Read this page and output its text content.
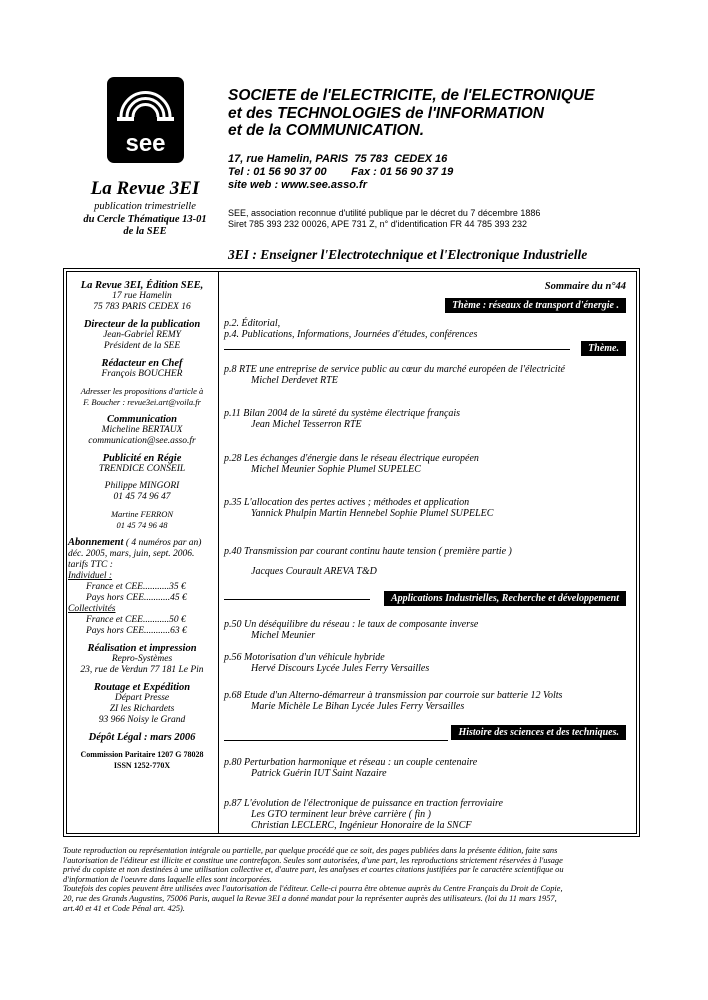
see
La Revue 3EI
publication trimestrielle
du Cercle Thématique 13-01
de la SEE
SOCIETE de l'ELECTRICITE, de l'ELECTRONIQUE
et des TECHNOLOGIES de l'INFORMATION
et de la COMMUNICATION.
17, rue Hamelin, PARIS  75 783  CEDEX 16
Tel : 01 56 90 37 00        Fax : 01 56 90 37 19
site web : www.see.asso.fr
SEE, association reconnue d'utilité publique par le décret du 7 décembre 1886
Siret 785 393 232 00026, APE 731 Z, n° d'identification FR 44 785 393 232
3EI : Enseigner l'Electrotechnique et l'Electronique Industrielle
La Revue 3EI, Édition SEE,
17 rue Hamelin
75 783 PARIS CEDEX 16
Directeur de la publication
Jean-Gabriel REMY
Président de la SEE
Rédacteur en Chef
François BOUCHER
Adresser les propositions d'article à
F. Boucher : revue3ei.art@voila.fr
Communication
Micheline BERTAUX
communication@see.asso.fr
Publicité en Régie
TRENDICE CONSEIL
Philippe MINGORI
01 45 74 96 47
Martine FERRON
01 45 74 96 48
Abonnement ( 4 numéros par an)
déc. 2005, mars, juin, sept. 2006.
tarifs TTC :
Individuel :
France et CEE...........35 €
Pays hors CEE...........45 €
Collectivités
France et CEE...........50 €
Pays hors CEE...........63 €
Réalisation et impression
Repro-Systèmes
23, rue de Verdun 77 181 Le Pin
Routage et Expédition
Départ Presse
ZI les Richardets
93 966 Noisy le Grand
Dépôt Légal : mars 2006
Commission Paritaire 1207 G 78028
ISSN 1252-770X
Sommaire du n°44
Thème : réseaux de transport d'énergie .
p.2. Éditorial,
p.4. Publications, Informations, Journées d'études, conférences
Thème.
p.8 RTE une entreprise de service public au cœur du marché européen de l'électricité
Michel Derdevet RTE
p.11 Bilan 2004 de la sûreté du système électrique français
Jean Michel Tesserron RTE
p.28 Les échanges d'énergie dans le réseau électrique européen
Michel Meunier Sophie Plumel SUPELEC
p.35 L'allocation des pertes actives ; méthodes et application
Yannick Phulpin Martin Hennebel Sophie Plumel SUPELEC
p.40 Transmission par courant continu haute tension ( première partie )
Jacques Courault AREVA T&D
Applications Industrielles, Recherche et développement
p.50 Un déséquilibre du réseau : le taux de composante inverse
Michel Meunier
p.56 Motorisation d'un véhicule hybride
Hervé Discours Lycée Jules Ferry Versailles
p.68 Etude d'un Alterno-démarreur à transmission par courroie sur batterie 12 Volts
Marie Michèle Le Bihan Lycée Jules Ferry Versailles
Histoire des sciences et des techniques.
p.80 Perturbation harmonique et réseau : un couple centenaire
Patrick Guérin IUT Saint Nazaire
p.87 L'évolution de l'électronique de puissance en traction ferroviaire
Les GTO terminent leur brève carrière ( fin )
Christian LECLERC, Ingénieur Honoraire de la SNCF
Toute reproduction ou représentation intégrale ou partielle, par quelque procédé que ce soit, des pages publiées dans la présente édition, faite sans
l'autorisation de l'éditeur est illicite et constitue une contrefaçon. Seules sont autorisées, d'une part, les reproductions strictement réservées à l'usage
privé du copiste et non destinées à une utilisation collective et, d'autre part, les analyses et courtes citations justifiées par le caractère scientifique ou
d'information de l'oeuvre dans laquelle elles sont incorporées.
Toutefois des copies peuvent être utilisées avec l'autorisation de l'éditeur. Celle-ci pourra être obtenue auprès du Centre Français du Droit de Copie,
20, rue des Grands Augustins, 75006 Paris, auquel la Revue 3EI a donné mandat pour la représenter auprès des utilisateurs. (loi du 11 mars 1957,
art.40 et 41 et Code Pénal art. 425).
